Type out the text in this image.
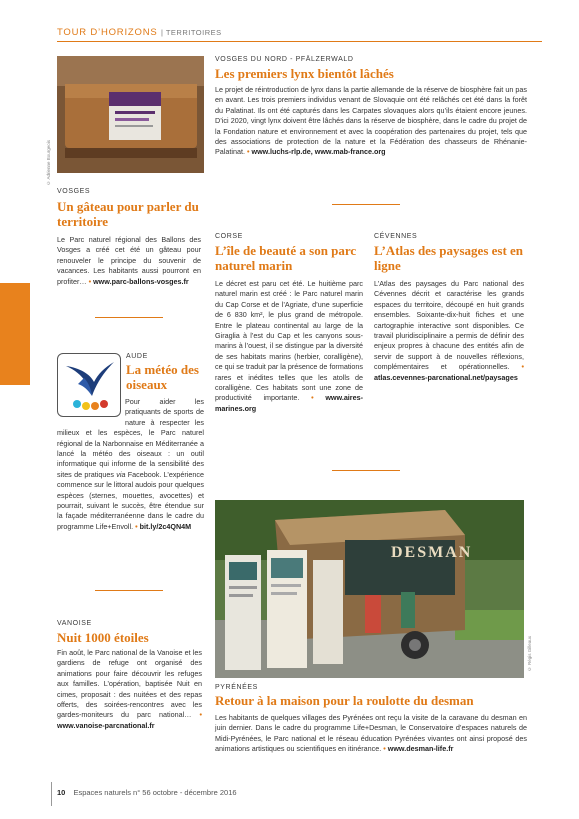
TOUR D’HORIZONS | TERRITOIRES
© Adrienne Bourgeois
VOSGES DU NORD - PFÄLZERWALD
Les premiers lynx bientôt lâchés
Le projet de réintroduction de lynx dans la partie allemande de la réserve de biosphère fait un pas en avant. Les trois premiers individus venant de Slovaquie ont été relâchés cet été dans la forêt du Palatinat. Ils ont été capturés dans les Carpates slovaques alors qu’ils étaient encore jeunes. D’ici 2020, vingt lynx doivent être lâchés dans la réserve de biosphère, dans le cadre du projet de la Fondation nature et environnement et avec la coopération des partenaires du projet, tels que des associations de protection de la nature et la Fédération des chasseurs de Rhénanie-Palatinat. • www.luchs-rlp.de, www.mab-france.org
VOSGES
Un gâteau pour parler du territoire
Le Parc naturel régional des Ballons des Vosges a créé cet été un gâteau pour renouveler le principe du souvenir de vacances. Les habitants aussi pourront en profiter… • www.parc-ballons-vosges.fr
CORSE
L’île de beauté a son parc naturel marin
Le décret est paru cet été. Le huitième parc naturel marin est créé : le Parc naturel marin du Cap Corse et de l’Agriate, d’une superficie de 6 830 km², le plus grand de métropole. Entre le plateau continental au large de la Giraglia à l’est du Cap et les canyons sous-marins à l’ouest, il se distingue par la diversité de ses habitats marins (herbier, coralligène), ce qui se traduit par la présence de formations rares et inédites telles que les atolls de coralligène. Ces habitats sont une zone de productivité importante. • www.aires-marines.org
CÉVENNES
L’Atlas des paysages est en ligne
L’Atlas des paysages du Parc national des Cévennes décrit et caractérise les grands espaces du territoire, découpé en huit grands ensembles. Soixante-dix-huit fiches et une cartographie interactive sont disponibles. Ce travail pluridisciplinaire a permis de définir des enjeux propres à chacune des entités afin de servir de support à de nouvelles réflexions, complémentaires et opérationnelles. • atlas.cevennes-parcnational.net/paysages
AUDE
La météo des oiseaux
Pour aider les pratiquants de sports de nature à respecter les milieux et les espèces, le Parc naturel régional de la Narbonnaise en Méditerranée a lancé la météo des oiseaux : un outil informatique qui informe de la sensibilité des sites de pratiques via Facebook. L’expérience commence sur le littoral audois pour quelques espèces (sternes, mouettes, avocettes) et pourrait, suivant le succès, être étendue sur la façade méditerranéenne dans le cadre du programme Life+Envoll. • bit.ly/2c4QN4M
VANOISE
Nuit 1000 étoiles
Fin août, le Parc national de la Vanoise et les gardiens de refuge ont organisé des animations pour faire découvrir les refuges aux familles. L’opération, baptisée Nuit en cimes, proposait : des nuitées et des repas offerts, des soirées-rencontres avec les gardes-moniteurs du parc national… • www.vanoise-parcnational.fr
DESMAN
© Régis Gilleaux
PYRÉNÉES
Retour à la maison pour la roulotte du desman
Les habitants de quelques villages des Pyrénées ont reçu la visite de la caravane du desman en juin dernier. Dans le cadre du programme Life+Desman, le Conservatoire d’espaces naturels de Midi-Pyrénées, le Parc national et le réseau éducation Pyrénées vivantes ont ainsi proposé des animations artistiques ou scientifiques en itinérance. • www.desman-life.fr
10 Espaces naturels n° 56 octobre - décembre 2016
